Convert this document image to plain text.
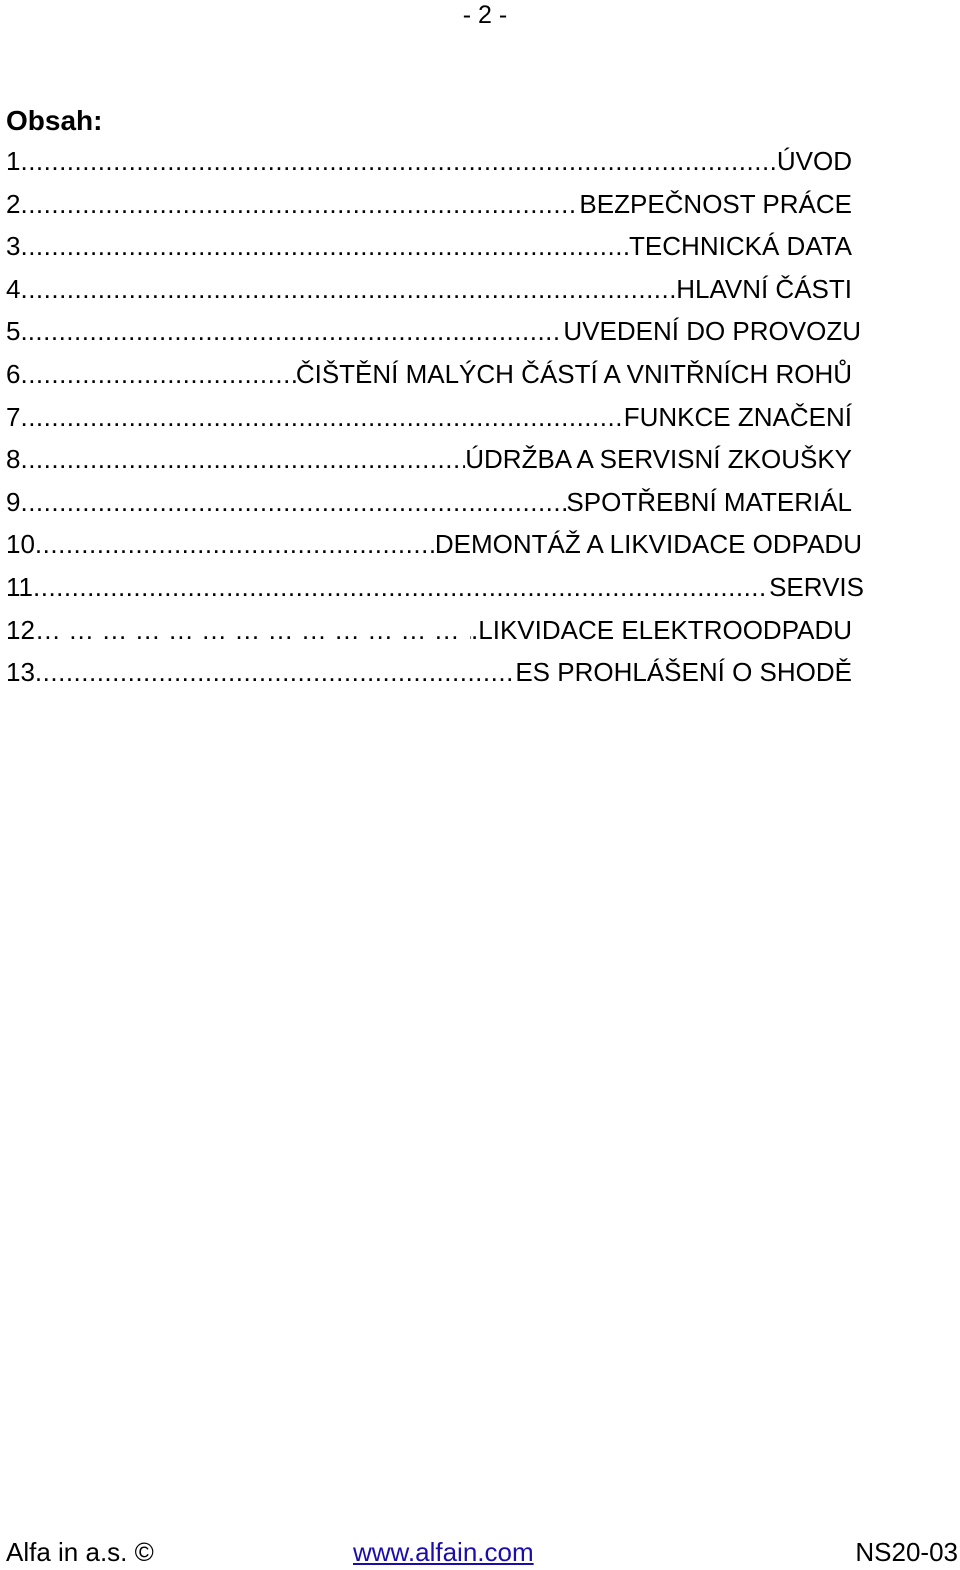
- 2 -
Obsah:
1 .....	ÚVOD
2 .....	BEZPEČNOST PRÁCE
3 .....	TECHNICKÁ DATA
4 .....	HLAVNÍ ČÁSTI
5. .....	UVEDENÍ DO PROVOZU
6 .....	ČIŠTĚNÍ MALÝCH ČÁSTÍ A VNITŘNÍCH ROHŮ
7 .....	FUNKCE ZNAČENÍ
8 .....	ÚDRŽBA A SERVISNÍ ZKOUŠKY
9 .....	SPOTŘEBNÍ MATERIÁL
10 .....	DEMONTÁŽ A LIKVIDACE ODPADU
11 .....	SERVIS
12 … … … … … … … … … … … … … … … … … … … … … … … … … … … … … … …	.LIKVIDACE ELEKTROODPADU
13 .....	ES PROHLÁŠENÍ O SHODĚ
Alfa in a.s. ©	www.alfain.com	NS20-03
